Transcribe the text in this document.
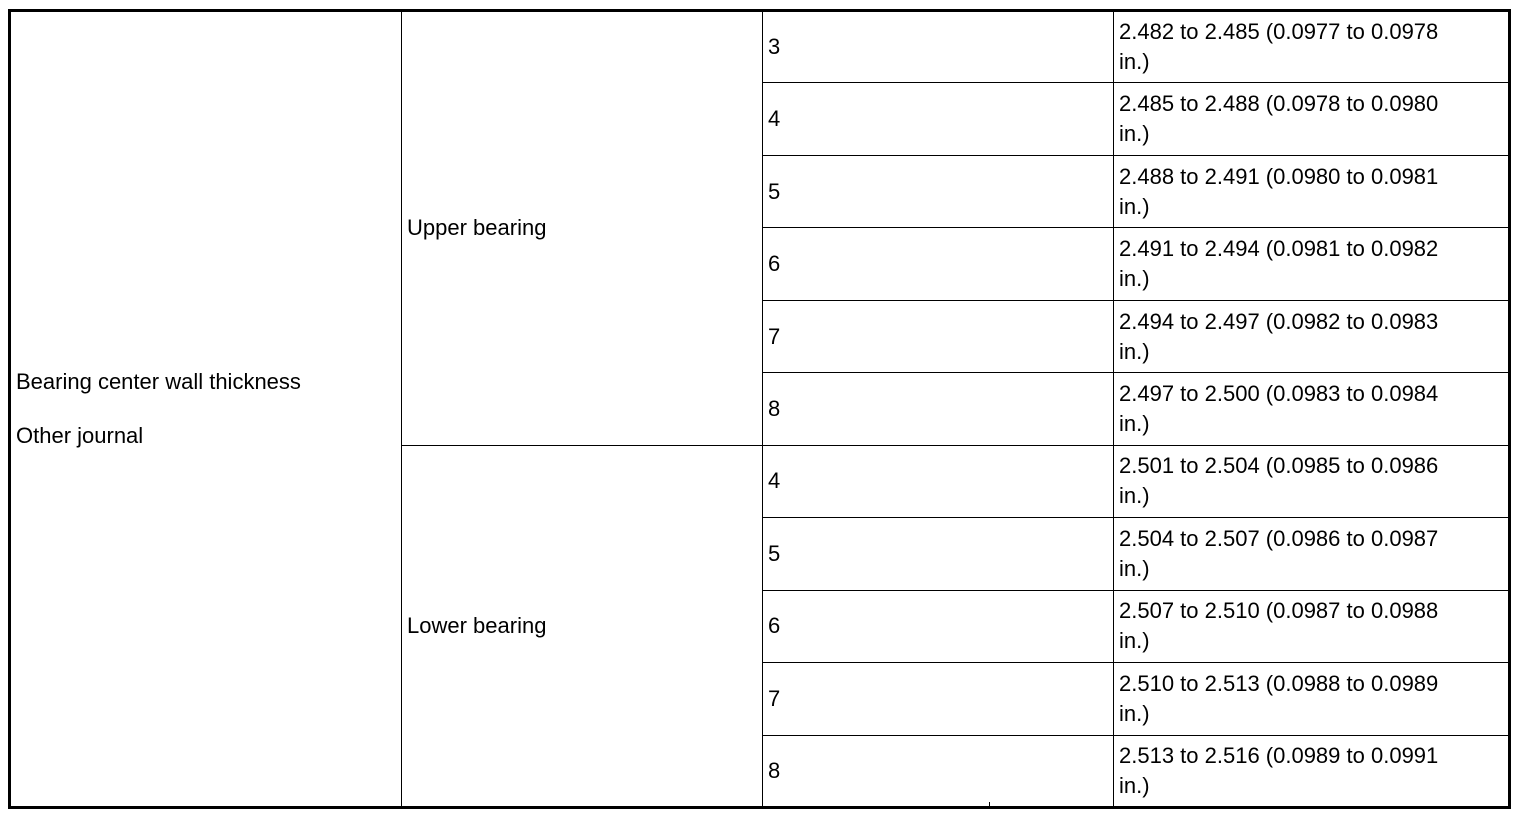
Bearing center wall thickness
Other journal	Upper bearing	3	2.482 to 2.485 (0.0977 to 0.0978
in.)

		4	2.485 to 2.488 (0.0978 to 0.0980
in.)

		5	2.488 to 2.491 (0.0980 to 0.0981
in.)

		6	2.491 to 2.494 (0.0981 to 0.0982
in.)

		7	2.494 to 2.497 (0.0982 to 0.0983
in.)

		8	2.497 to 2.500 (0.0983 to 0.0984
in.)

	Lower bearing	4	2.501 to 2.504 (0.0985 to 0.0986
in.)

		5	2.504 to 2.507 (0.0986 to 0.0987
in.)

		6	2.507 to 2.510 (0.0987 to 0.0988
in.)

		7	2.510 to 2.513 (0.0988 to 0.0989
in.)

		8	2.513 to 2.516 (0.0989 to 0.0991
in.)
